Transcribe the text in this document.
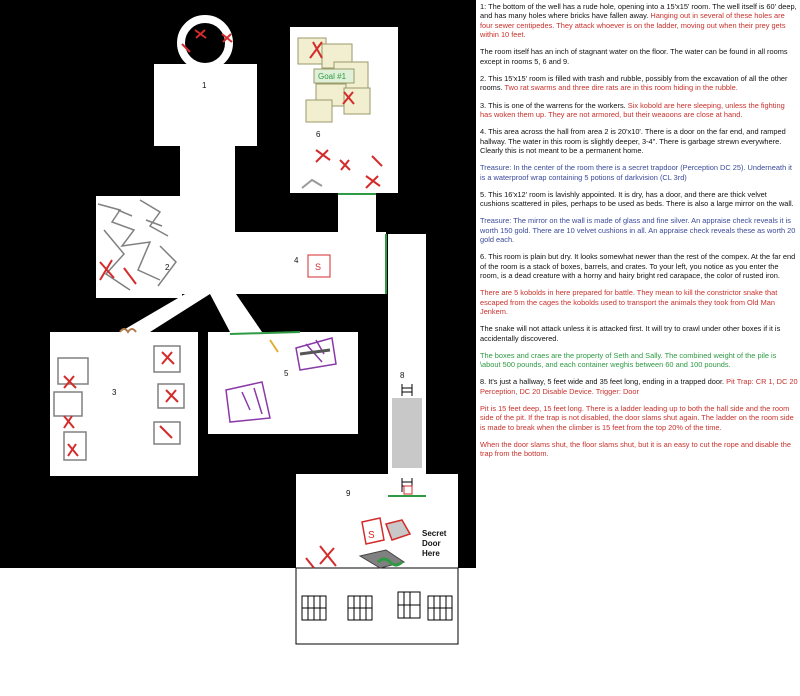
S
S
1
2
3
4
5
6
8
9
Goal #1
Secret
Door
Here

1: The bottom of the well has a rude hole, opening into a 15'x15' room. The well itself is 60' deep, and has many holes where bricks have fallen away. Hanging out in several of these holes are four sewer centipedes. They attack whoever is on the ladder, moving out when their prey gets within 10 feet.

The room itself has an inch of stagnant water on the floor. The water can be found in all rooms except in rooms 5, 6 and 9.

2. This 15'x15' room is filled with trash and rubble, possibly from the excavation of all the other rooms. Two rat swarms and three dire rats are in this room hiding in the rubble.

3. This is one of the warrens for the workers. Six kobold are here sleeping, unless the fighting has woken them up. They are not armored, but their weaoons are close at hand.

4. This area across the hall from area 2 is 20'x10'. There is a door on the far end, and ramped hallway. The water in this room is slightly deeper, 3-4". There is garbage strewn everywhere. Clearly this is not meant to be a permanent home.

Treasure: In the center of the room there is a secret trapdoor (Perception DC 25). Underneath it is a waterproof wrap containing 5 potions of darkvision (CL 3rd)

5. This 16'x12' room is lavishly appointed. It is dry, has a door, and there are thick velvet cushions scattered in piles, perhaps to be used as beds. There is also a large mirror on the wall.

Treasure: The mirror on the wall is made of glass and fine silver. An appraise check reveals it is worth 150 gold. There are 10 velvet cushions in all. An appraise check reveals these as worth 20 gold each.

6. This room is plain but dry. It looks somewhat newer than the rest of the compex. At the far end of the room is a stack of boxes, barrels, and crates. To your left, you notice as you enter the room, is a dead creature with a horny and hairy bright red carapace, the color of rusted iron.

There are 5 kobolds in here prepared for battle. They mean to kill the constrictor snake that escaped from the cages the kobolds used to transport the animals they took from Old Man Jenkem.

The snake will not attack unless it is attacked first. It will try to crawl under other boxes if it is accidentally discovered.

The boxes and craes are the property of Seth and Sally. The combined weight of the pile is \about 500 pounds, and each container weghis between 60 and 100 pounds.

8. It's just a hallway, 5 feet wide and 35 feet long, ending in a trapped door. Pit Trap: CR 1, DC 20 Perception, DC 20 Disable Device. Trigger: Door

Pit is 15 feet deep, 15 feet long. There is a ladder leading up to both the hall side and the room side of the pit. If the trap is not disabled, the door slams shut again. The ladder on the room side is made to break when the climber is 15 feet from the top 20% of the time.

When the door slams shut, the floor slams shut, but it is an easy to cut the rope and disable the trap from the bottom.
